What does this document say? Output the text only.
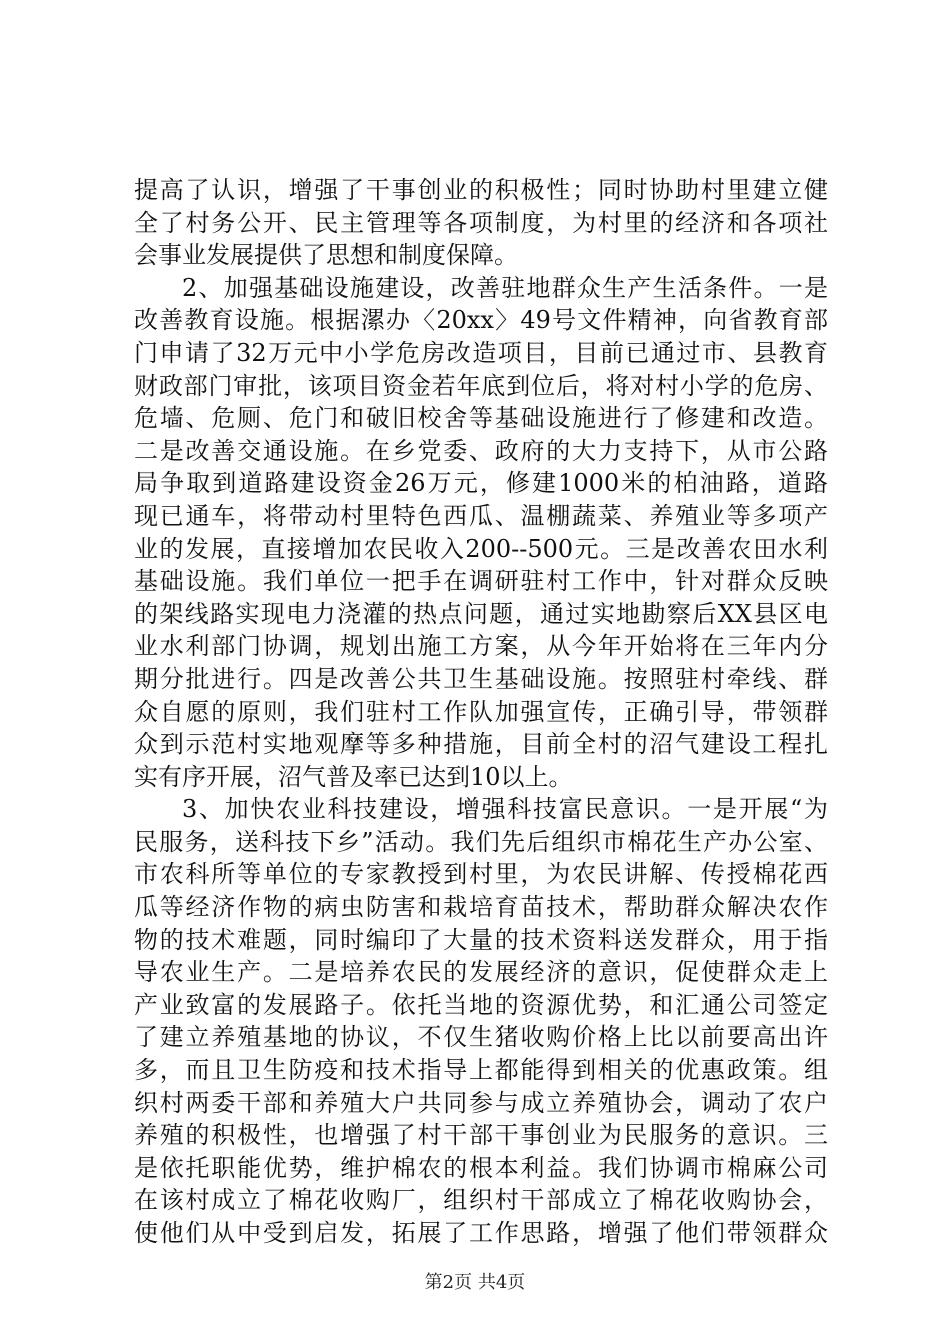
提高了认识，增强了干事创业的积极性；同时协助村里建立健
全了村务公开、民主管理等各项制度，为村里的经济和各项社
会事业发展提供了思想和制度保障。
2、加强基础设施建设，改善驻地群众生产生活条件。一是
改善教育设施。根据漯办〈20xx〉49号文件精神，向省教育部
门申请了32万元中小学危房改造项目，目前已通过市、县教育
财政部门审批，该项目资金若年底到位后，将对村小学的危房、
危墙、危厕、危门和破旧校舍等基础设施进行了修建和改造。
二是改善交通设施。在乡党委、政府的大力支持下，从市公路
局争取到道路建设资金26万元，修建1000米的柏油路，道路
现已通车，将带动村里特色西瓜、温棚蔬菜、养殖业等多项产
业的发展，直接增加农民收入200--500元。三是改善农田水利
基础设施。我们单位一把手在调研驻村工作中，针对群众反映
的架线路实现电力浇灌的热点问题，通过实地勘察后XX县区电
业水利部门协调，规划出施工方案，从今年开始将在三年内分
期分批进行。四是改善公共卫生基础设施。按照驻村牵线、群
众自愿的原则，我们驻村工作队加强宣传，正确引导，带领群
众到示范村实地观摩等多种措施，目前全村的沼气建设工程扎
实有序开展，沼气普及率已达到10以上。
3、加快农业科技建设，增强科技富民意识。一是开展“为
民服务，送科技下乡”活动。我们先后组织市棉花生产办公室、
市农科所等单位的专家教授到村里，为农民讲解、传授棉花西
瓜等经济作物的病虫防害和栽培育苗技术，帮助群众解决农作
物的技术难题，同时编印了大量的技术资料送发群众，用于指
导农业生产。二是培养农民的发展经济的意识，促使群众走上
产业致富的发展路子。依托当地的资源优势，和汇通公司签定
了建立养殖基地的协议，不仅生猪收购价格上比以前要高出许
多，而且卫生防疫和技术指导上都能得到相关的优惠政策。组
织村两委干部和养殖大户共同参与成立养殖协会，调动了农户
养殖的积极性，也增强了村干部干事创业为民服务的意识。三
是依托职能优势，维护棉农的根本利益。我们协调市棉麻公司
在该村成立了棉花收购厂，组织村干部成立了棉花收购协会，
使他们从中受到启发，拓展了工作思路，增强了他们带领群众
第2页 共4页
